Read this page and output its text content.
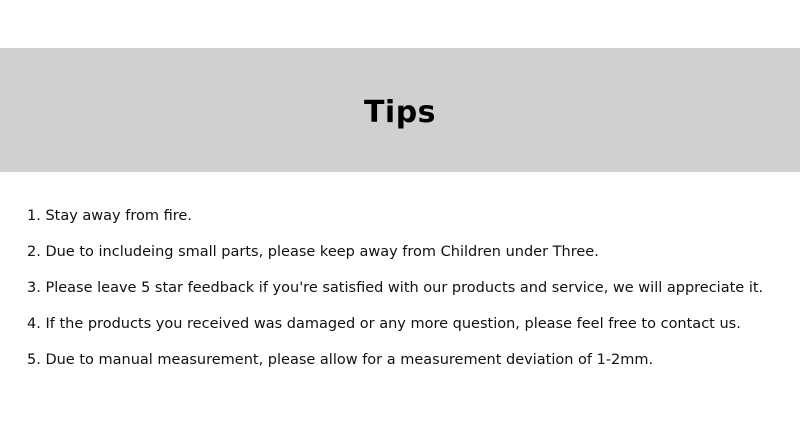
Tips
1. Stay away from fire.
2. Due to includeing small parts, please keep away from Children under Three.
3. Please leave 5 star feedback if you're satisfied with our products and service, we will appreciate it.
4. If the products you received was damaged or any more question, please feel free to contact us.
5. Due to manual measurement, please allow for a measurement deviation of 1-2mm.
